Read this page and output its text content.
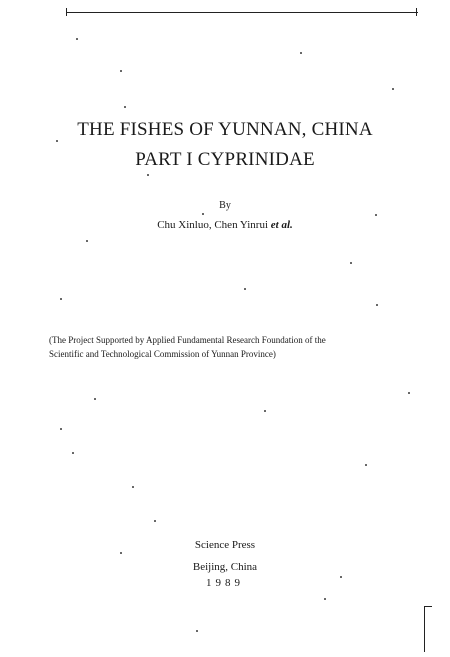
THE FISHES OF YUNNAN, CHINA
PART I CYPRINIDAE
By
Chu Xinluo, Chen Yinrui et al.
(The Project Supported by Applied Fundamental Research Foundation of the
Scientific and Technological Commission of Yunnan Province)
Science Press
Beijing, China
1989
